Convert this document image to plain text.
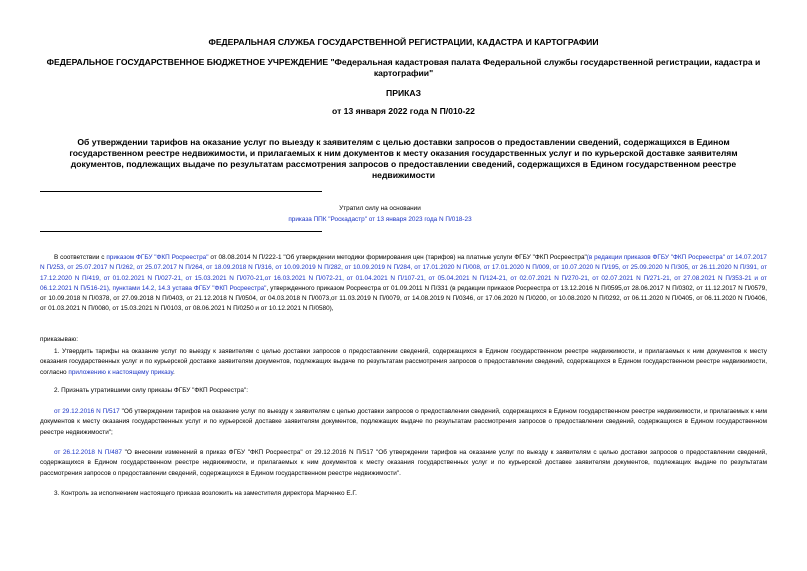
ФЕДЕРАЛЬНАЯ СЛУЖБА ГОСУДАРСТВЕННОЙ РЕГИСТРАЦИИ, КАДАСТРА И КАРТОГРАФИИ
ФЕДЕРАЛЬНОЕ ГОСУДАРСТВЕННОЕ БЮДЖЕТНОЕ УЧРЕЖДЕНИЕ "Федеральная кадастровая палата Федеральной службы государственной регистрации, кадастра и картографии"
ПРИКАЗ
от 13 января 2022 года N П/010-22
Об утверждении тарифов на оказание услуг по выезду к заявителям с целью доставки запросов о предоставлении сведений, содержащихся в Едином государственном реестре недвижимости, и прилагаемых к ним документов к месту оказания государственных услуг и по курьерской доставке заявителям документов, подлежащих выдаче по результатам рассмотрения запросов о предоставлении сведений, содержащихся в Едином государственном реестре недвижимости
Утратил силу на основании
приказа ППК "Роскадастр" от 13 января 2023 года N П/018-23
В соответствии с приказом ФГБУ "ФКП Росреестра" от 08.08.2014 N П/222-1 "Об утверждении методики формирования цен (тарифов) на платные услуги ФГБУ "ФКП Росреестра"(в редакции приказов ФГБУ "ФКП Росреестра" от 14.07.2017 N П/253, от 25.07.2017 N П/262, от 25.07.2017 N П/264, от 18.09.2018 N П/316, от 10.09.2019 N П/282, от 10.09.2019 N П/284, от 17.01.2020 N П/008, от 17.01.2020 N П/009, от 10.07.2020 N П/195, от 25.09.2020 N П/305, от 26.11.2020 N П/391, от 17.12.2020 N П/419, от 01.02.2021 N П/027-21, от 15.03.2021 N П/070-21,от 16.03.2021 N П/072-21, от 01.04.2021 N П/107-21, от 05.04.2021 N П/124-21, от 02.07.2021 N П/270-21, от 02.07.2021 N П/271-21, от 27.08.2021 N П/353-21 и от 06.12.2021 N П/516-21), пунктами 14.2, 14.3 устава ФГБУ "ФКП Росреестра", утвержденного приказом Росреестра от 01.09.2011 N П/331 (в редакции приказов Росреестра от 13.12.2016 N П/0595,от 28.06.2017 N П/0302, от 11.12.2017 N П/0579, от 10.09.2018 N П/0378, от 27.09.2018 N П/0403, от 21.12.2018 N П/0504, от 04.03.2018 N П/0073,от 11.03.2019 N П/0079, от 14.08.2019 N П/0346, от 17.06.2020 N П/0200, от 10.08.2020 N П/0292, от 06.11.2020 N П/0405, от 06.11.2020 N П/0406, от 01.03.2021 N П/0080, от 15.03.2021 N П/0103, от 08.06.2021 N П/0250 и от 10.12.2021 N П/0580),
приказываю:
1. Утвердить тарифы на оказание услуг по выезду к заявителям с целью доставки запросов о предоставлении сведений, содержащихся в Едином государственном реестре недвижимости, и прилагаемых к ним документов к месту оказания государственных услуг и по курьерской доставке заявителям документов, подлежащих выдаче по результатам рассмотрения запросов о предоставлении сведений, содержащихся в Едином государственном реестре недвижимости, согласно приложению к настоящему приказу.
2. Признать утратившими силу приказы ФГБУ "ФКП Росреестра":
от 29.12.2016 N П/517 "Об утверждении тарифов на оказание услуг по выезду к заявителям с целью доставки запросов о предоставлении сведений, содержащихся в Едином государственном реестре недвижимости, и прилагаемых к ним документов к месту оказания государственных услуг и по курьерской доставке заявителям документов, подлежащих выдаче по результатам рассмотрения запросов о предоставлении сведений, содержащихся в Едином государственном реестре недвижимости";
от 26.12.2018 N П/487 "О внесении изменений в приказ ФГБУ "ФКП Росреестра" от 29.12.2016 N П/517 "Об утверждении тарифов на оказание услуг по выезду к заявителям с целью доставки запросов о предоставлении сведений, содержащихся в Едином государственном реестре недвижимости, и прилагаемых к ним документов к месту оказания государственных услуг и по курьерской доставке заявителям документов, подлежащих выдаче по результатам рассмотрения запросов о предоставлении сведений, содержащихся в Едином государственном реестре недвижимости".
3. Контроль за исполнением настоящего приказа возложить на заместителя директора Марченко Е.Г.
